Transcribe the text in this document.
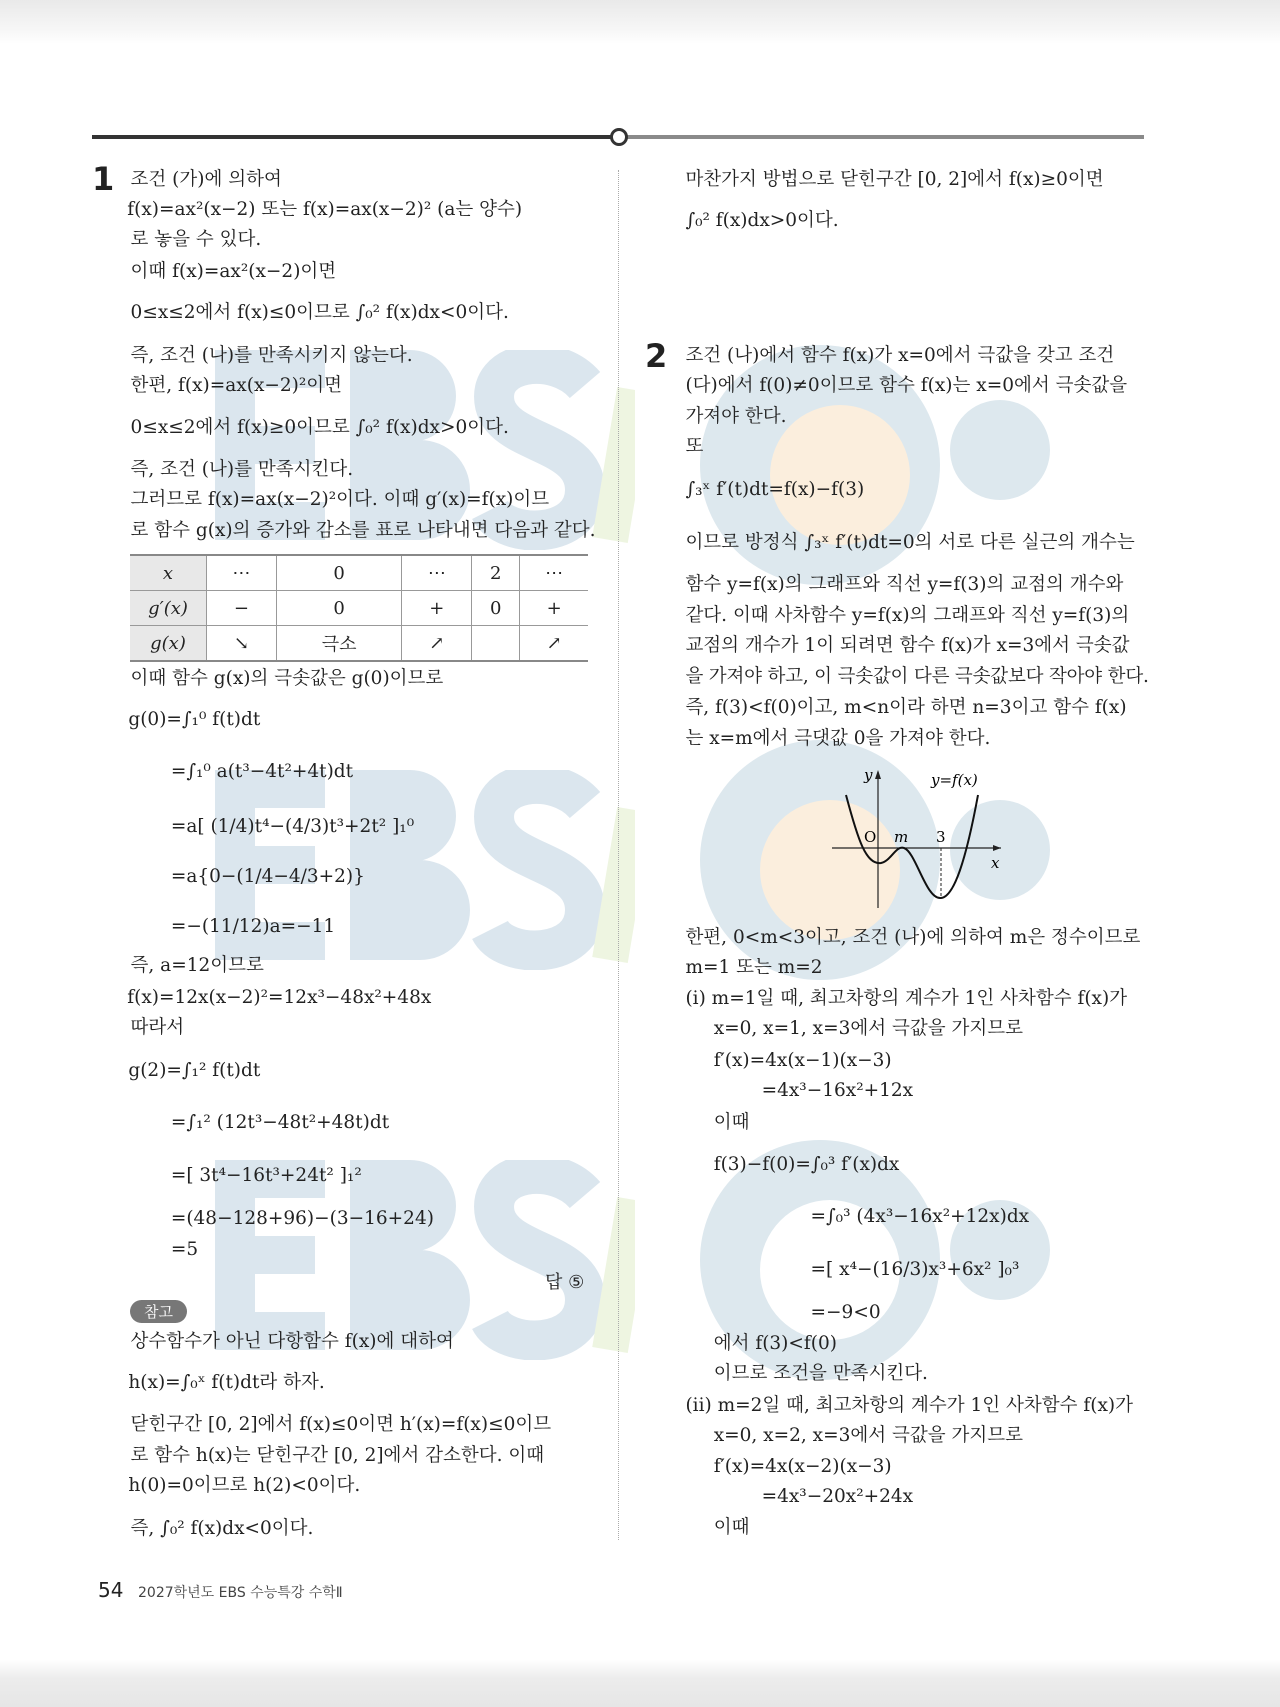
1
2
조건 (가)에 의하여
f(x)=ax²(x−2) 또는 f(x)=ax(x−2)² (a는 양수)
로 놓을 수 있다.
이때 f(x)=ax²(x−2)이면
0≤x≤2에서 f(x)≤0이므로 ∫₀² f(x)dx<0이다.
즉, 조건 (나)를 만족시키지 않는다.
한편, f(x)=ax(x−2)²이면
0≤x≤2에서 f(x)≥0이므로 ∫₀² f(x)dx>0이다.
즉, 조건 (나)를 만족시킨다.
그러므로 f(x)=ax(x−2)²이다. 이때 g′(x)=f(x)이므
로 함수 g(x)의 증가와 감소를 표로 나타내면 다음과 같다.
이때 함수 g(x)의 극솟값은 g(0)이므로
g(0)=∫₁⁰ f(t)dt
=∫₁⁰ a(t³−4t²+4t)dt
=a[ (1/4)t⁴−(4/3)t³+2t² ]₁⁰
=a{0−(1/4−4/3+2)}
=−(11/12)a=−11
즉, a=12이므로
f(x)=12x(x−2)²=12x³−48x²+48x
따라서
g(2)=∫₁² f(t)dt
=∫₁² (12t³−48t²+48t)dt
=[ 3t⁴−16t³+24t² ]₁²
=(48−128+96)−(3−16+24)
=5
상수함수가 아닌 다항함수 f(x)에 대하여
h(x)=∫₀ˣ f(t)dt라 하자.
닫힌구간 [0, 2]에서 f(x)≤0이면 h′(x)=f(x)≤0이므
로 함수 h(x)는 닫힌구간 [0, 2]에서 감소한다. 이때
h(0)=0이므로 h(2)<0이다.
즉, ∫₀² f(x)dx<0이다.
마찬가지 방법으로 닫힌구간 [0, 2]에서 f(x)≥0이면
∫₀² f(x)dx>0이다.
조건 (나)에서 함수 f(x)가 x=0에서 극값을 갖고 조건
(다)에서 f(0)≠0이므로 함수 f(x)는 x=0에서 극솟값을
가져야 한다.
또
∫₃ˣ f′(t)dt=f(x)−f(3)
이므로 방정식 ∫₃ˣ f′(t)dt=0의 서로 다른 실근의 개수는
함수 y=f(x)의 그래프와 직선 y=f(3)의 교점의 개수와
같다. 이때 사차함수 y=f(x)의 그래프와 직선 y=f(3)의
교점의 개수가 1이 되려면 함수 f(x)가 x=3에서 극솟값
을 가져야 하고, 이 극솟값이 다른 극솟값보다 작아야 한다.
즉, f(3)<f(0)이고, m<n이라 하면 n=3이고 함수 f(x)
는 x=m에서 극댓값 0을 가져야 한다.
한편, 0<m<3이고, 조건 (나)에 의하여 m은 정수이므로
m=1 또는 m=2
(i) m=1일 때, 최고차항의 계수가 1인 사차함수 f(x)가
x=0, x=1, x=3에서 극값을 가지므로
f′(x)=4x(x−1)(x−3)
=4x³−16x²+12x
이때
f(3)−f(0)=∫₀³ f′(x)dx
=∫₀³ (4x³−16x²+12x)dx
=[ x⁴−(16/3)x³+6x² ]₀³
=−9<0
에서 f(3)<f(0)
이므로 조건을 만족시킨다.
(ii) m=2일 때, 최고차항의 계수가 1인 사차함수 f(x)가
x=0, x=2, x=3에서 극값을 가지므로
f′(x)=4x(x−2)(x−3)
=4x³−20x²+24x
이때
x	⋯	0	⋯	2	⋯
g′(x)	−	0	+	0	+
g(x)	↘	극소	↗		↗
답 ⑤
참고
y
x
O m 3
y=f(x)
54 2027학년도 EBS 수능특강 수학Ⅱ
